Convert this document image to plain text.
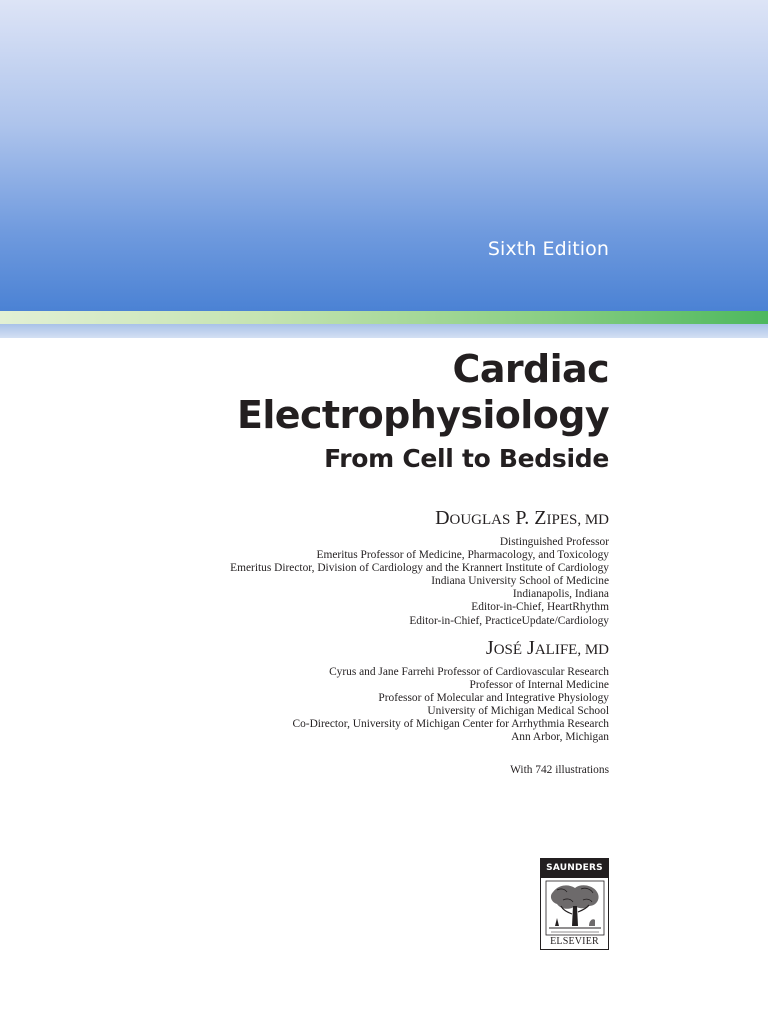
Sixth Edition
Cardiac
Electrophysiology
From Cell to Bedside
DOUGLAS P. ZIPES, MD
Distinguished Professor
Emeritus Professor of Medicine, Pharmacology, and Toxicology
Emeritus Director, Division of Cardiology and the Krannert Institute of Cardiology
Indiana University School of Medicine
Indianapolis, Indiana
Editor-in-Chief, HeartRhythm
Editor-in-Chief, PracticeUpdate/Cardiology
JOSÉ JALIFE, MD
Cyrus and Jane Farrehi Professor of Cardiovascular Research
Professor of Internal Medicine
Professor of Molecular and Integrative Physiology
University of Michigan Medical School
Co-Director, University of Michigan Center for Arrhythmia Research
Ann Arbor, Michigan
With 742 illustrations
SAUNDERS
ELSEVIER
